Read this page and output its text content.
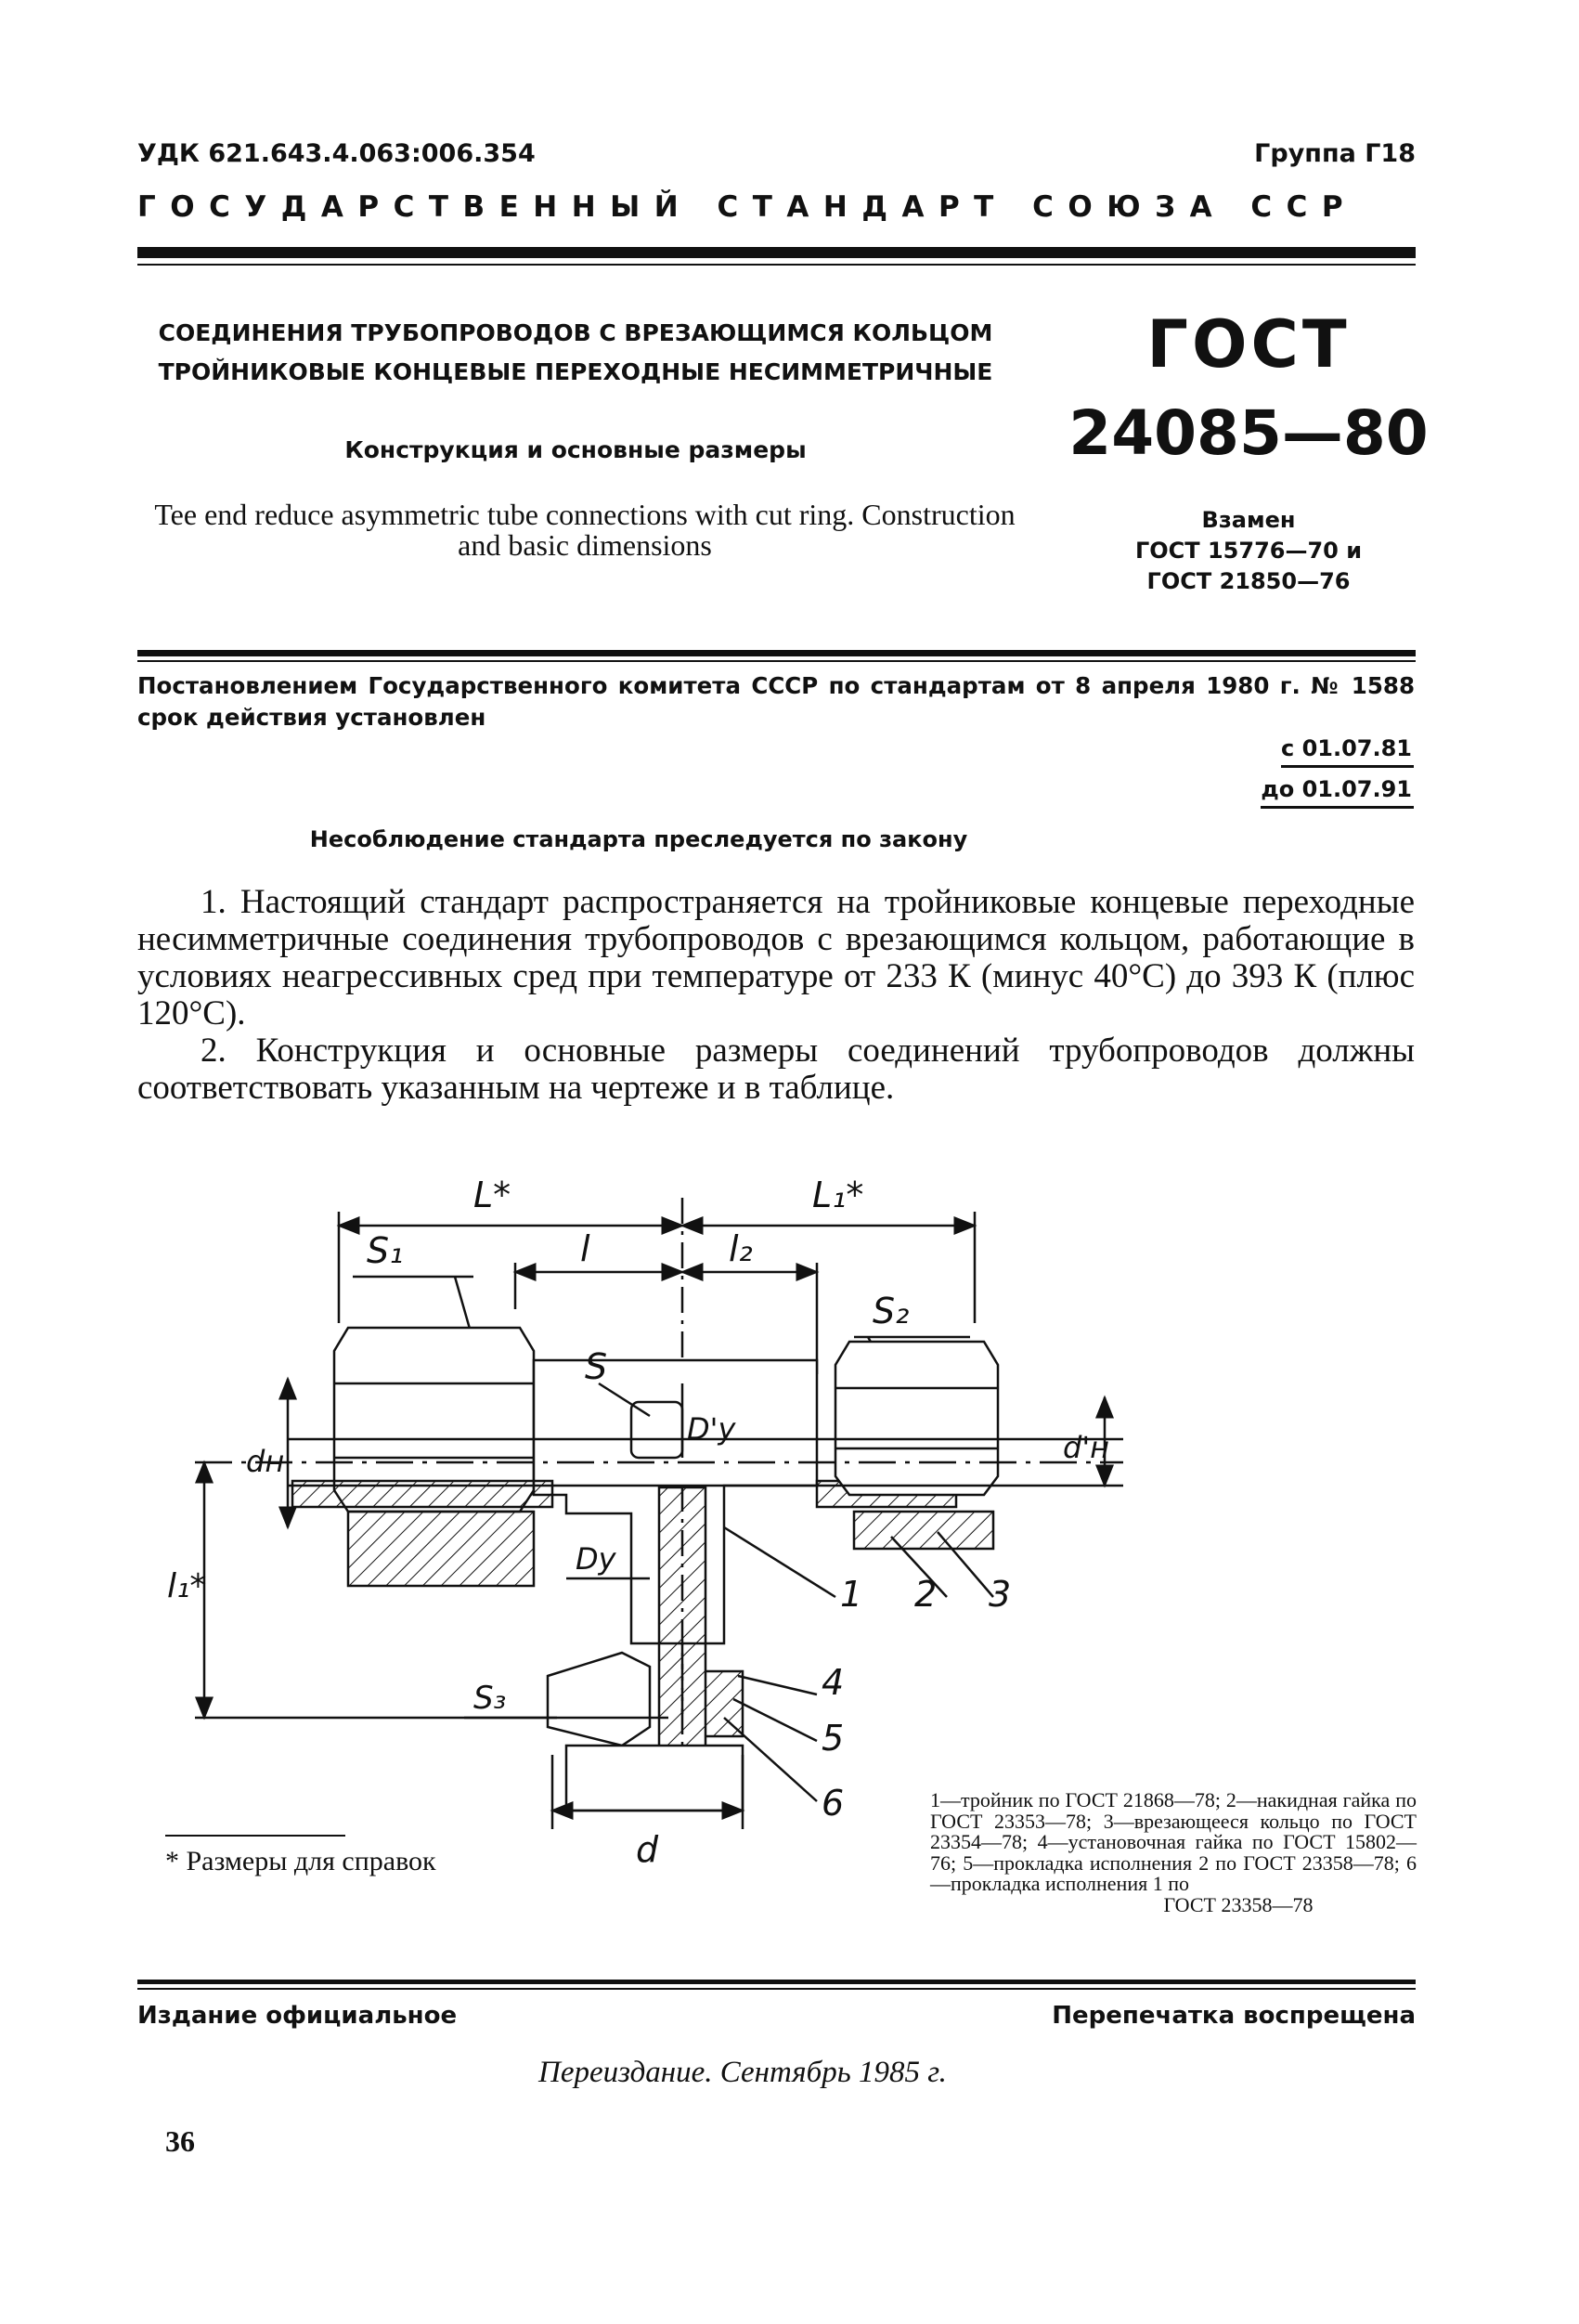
УДК 621.643.4.063:006.354	Группа Г18
ГОСУДАРСТВЕННЫЙ СТАНДАРТ СОЮЗА ССР
СОЕДИНЕНИЯ ТРУБОПРОВОДОВ С ВРЕЗАЮЩИМСЯ КОЛЬЦОМ ТРОЙНИКОВЫЕ КОНЦЕВЫЕ ПЕРЕХОДНЫЕ НЕСИММЕТРИЧНЫЕ
Конструкция и основные размеры
Tee end reduce asymmetric tube connections with cut ring. Construction and basic dimensions
ГОСТ
24085—80
Взамен
ГОСТ 15776—70 и
ГОСТ 21850—76
Постановлением Государственного комитета СССР по стандартам от 8 апреля 1980 г. № 1588 срок действия установлен
с 01.07.81
до 01.07.91
Несоблюдение стандарта преследуется по закону

1. Настоящий стандарт распространяется на тройниковые концевые переходные несимметричные соединения трубопроводов с врезающимся кольцом, работающие в условиях неагрессивных сред при температуре от 233 К (минус 40°С) до 393 К (плюс 120°С).

2. Конструкция и основные размеры соединений трубопроводов должны соответствовать указанным на чертеже и в таблице.

L*	L₁*
S₁	l	l₂
S₂
S
D'y
dн	d'н
Dy
l₁*
S₃
d
1 2 3
4
5
6
* Размеры для справок
1—тройник по ГОСТ 21868—78; 2—накидная гайка по ГОСТ 23353—78; 3—врезающееся кольцо по ГОСТ 23354—78; 4—установочная гайка по ГОСТ 15802—76; 5—прокладка исполнения 2 по ГОСТ 23358—78; 6—прокладка исполнения 1 по
ГОСТ 23358—78
Издание официальное	Перепечатка воспрещена
Переиздание. Сентябрь 1985 г.
36
